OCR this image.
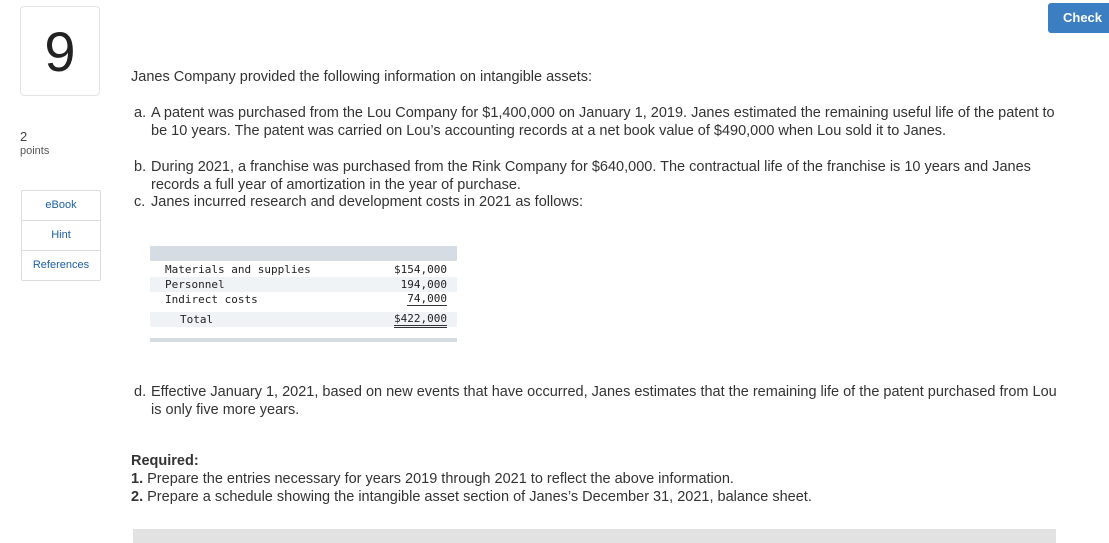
9
2
points
eBook
Hint
References
Check
Janes Company provided the following information on intangible assets:
a. A patent was purchased from the Lou Company for $1,400,000 on January 1, 2019. Janes estimated the remaining useful life of the patent to be 10 years. The patent was carried on Lou’s accounting records at a net book value of $490,000 when Lou sold it to Janes.
b. During 2021, a franchise was purchased from the Rink Company for $640,000. The contractual life of the franchise is 10 years and Janes records a full year of amortization in the year of purchase.
c. Janes incurred research and development costs in 2021 as follows:
d. Effective January 1, 2021, based on new events that have occurred, Janes estimates that the remaining life of the patent purchased from Lou is only five more years.
Required:
1. Prepare the entries necessary for years 2019 through 2021 to reflect the above information.
2. Prepare a schedule showing the intangible asset section of Janes’s December 31, 2021, balance sheet.
Materials and supplies	$154,000
Personnel	194,000
Indirect costs	74,000
Total	$422,000
